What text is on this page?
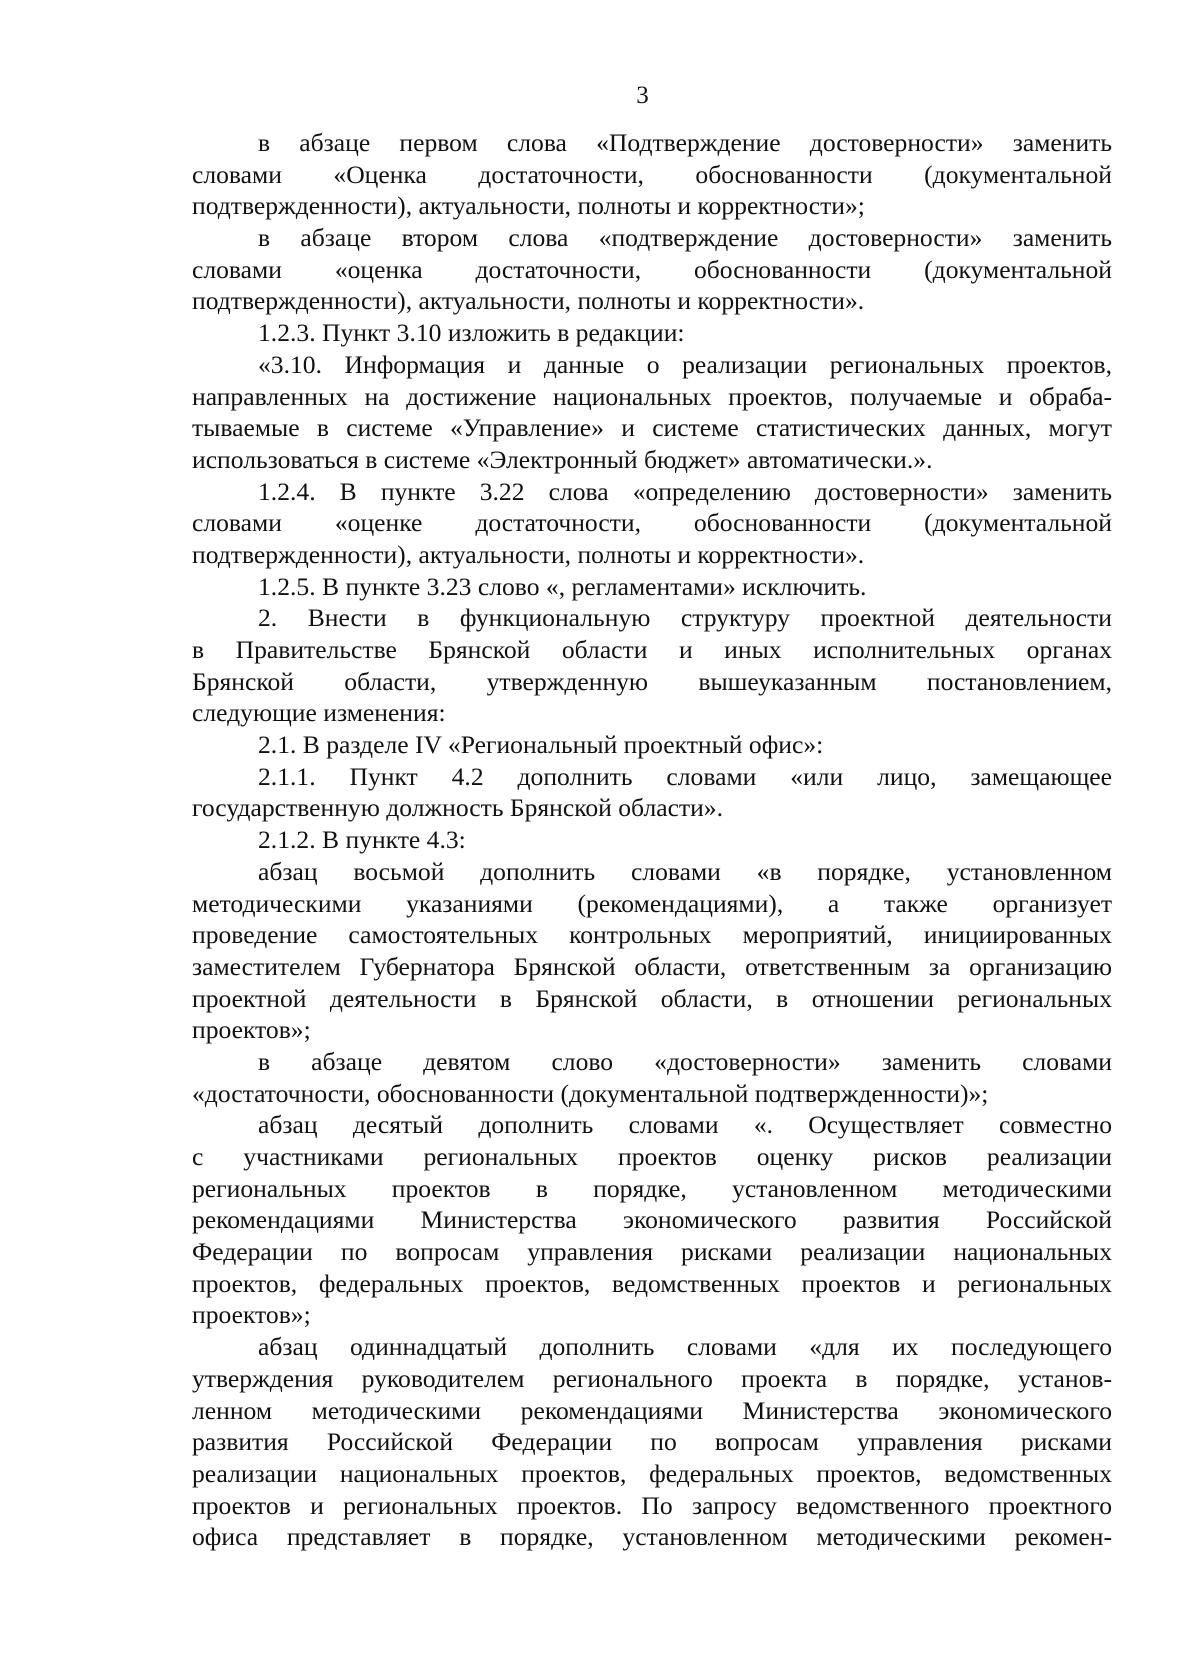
3
в абзаце первом слова «Подтверждение достоверности» заменить
словами «Оценка достаточности, обоснованности (документальной
подтвержденности), актуальности, полноты и корректности»;
в абзаце втором слова «подтверждение достоверности» заменить
словами «оценка достаточности, обоснованности (документальной
подтвержденности), актуальности, полноты и корректности».
1.2.3. Пункт 3.10 изложить в редакции:
«3.10. Информация и данные о реализации региональных проектов,
направленных на достижение национальных проектов, получаемые и обраба-
тываемые в системе «Управление» и системе статистических данных, могут
использоваться в системе «Электронный бюджет» автоматически.».
1.2.4. В пункте 3.22 слова «определению достоверности» заменить
словами «оценке достаточности, обоснованности (документальной
подтвержденности), актуальности, полноты и корректности».
1.2.5. В пункте 3.23 слово «, регламентами» исключить.
2. Внести в функциональную структуру проектной деятельности
в Правительстве Брянской области и иных исполнительных органах
Брянской области, утвержденную вышеуказанным постановлением,
следующие изменения:
2.1. В разделе IV «Региональный проектный офис»:
2.1.1. Пункт 4.2 дополнить словами «или лицо, замещающее
государственную должность Брянской области».
2.1.2. В пункте 4.3:
абзац восьмой дополнить словами «в порядке, установленном
методическими указаниями (рекомендациями), а также организует
проведение самостоятельных контрольных мероприятий, инициированных
заместителем Губернатора Брянской области, ответственным за организацию
проектной деятельности в Брянской области, в отношении региональных
проектов»;
в абзаце девятом слово «достоверности» заменить словами
«достаточности, обоснованности (документальной подтвержденности)»;
абзац десятый дополнить словами «. Осуществляет совместно
с участниками региональных проектов оценку рисков реализации
региональных проектов в порядке, установленном методическими
рекомендациями Министерства экономического развития Российской
Федерации по вопросам управления рисками реализации национальных
проектов, федеральных проектов, ведомственных проектов и региональных
проектов»;
абзац одиннадцатый дополнить словами «для их последующего
утверждения руководителем регионального проекта в порядке, установ-
ленном методическими рекомендациями Министерства экономического
развития Российской Федерации по вопросам управления рисками
реализации национальных проектов, федеральных проектов, ведомственных
проектов и региональных проектов. По запросу ведомственного проектного
офиса представляет в порядке, установленном методическими рекомен-
